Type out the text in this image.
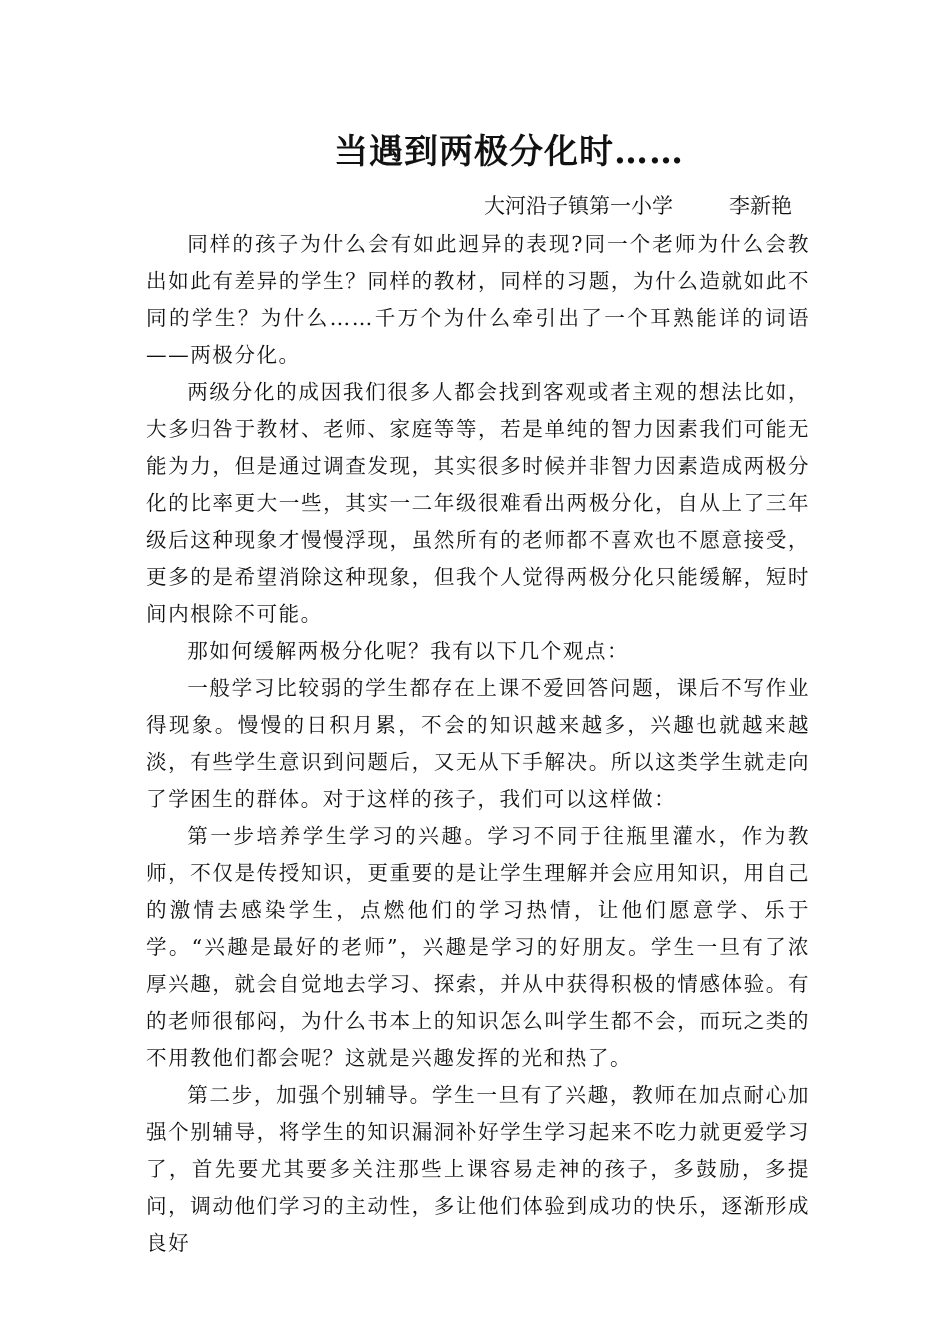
当遇到两极分化时……
大河沿子镇第一小学	李新艳

同样的孩子为什么会有如此迥异的表现?同一个老师为什么会教出如此有差异的学生？同样的教材，同样的习题，为什么造就如此不同的学生？为什么……千万个为什么牵引出了一个耳熟能详的词语——两极分化。

两级分化的成因我们很多人都会找到客观或者主观的想法比如，大多归咎于教材、老师、家庭等等，若是单纯的智力因素我们可能无能为力，但是通过调查发现，其实很多时候并非智力因素造成两极分化的比率更大一些，其实一二年级很难看出两极分化，自从上了三年级后这种现象才慢慢浮现，虽然所有的老师都不喜欢也不愿意接受，更多的是希望消除这种现象，但我个人觉得两极分化只能缓解，短时间内根除不可能。

那如何缓解两极分化呢？我有以下几个观点：

一般学习比较弱的学生都存在上课不爱回答问题，课后不写作业得现象。慢慢的日积月累，不会的知识越来越多，兴趣也就越来越淡，有些学生意识到问题后，又无从下手解决。所以这类学生就走向了学困生的群体。对于这样的孩子，我们可以这样做：

第一步培养学生学习的兴趣。学习不同于往瓶里灌水，作为教师，不仅是传授知识，更重要的是让学生理解并会应用知识，用自己的激情去感染学生，点燃他们的学习热情，让他们愿意学、乐于学。“兴趣是最好的老师”，兴趣是学习的好朋友。学生一旦有了浓厚兴趣，就会自觉地去学习、探索，并从中获得积极的情感体验。有的老师很郁闷，为什么书本上的知识怎么叫学生都不会，而玩之类的不用教他们都会呢？这就是兴趣发挥的光和热了。

第二步，加强个别辅导。学生一旦有了兴趣，教师在加点耐心加强个别辅导，将学生的知识漏洞补好学生学习起来不吃力就更爱学习了，首先要尤其要多关注那些上课容易走神的孩子，多鼓励，多提问，调动他们学习的主动性，多让他们体验到成功的快乐，逐渐形成良好
